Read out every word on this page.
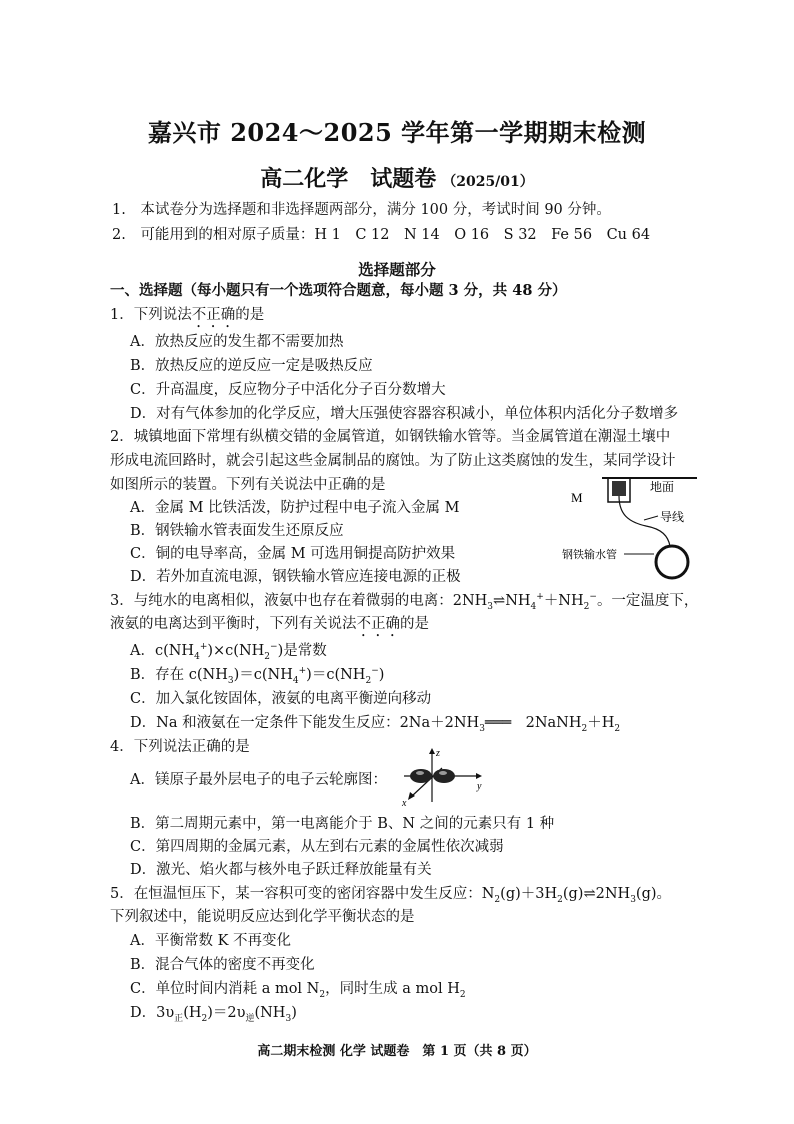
嘉兴市 2024～2025 学年第一学期期末检测
高二化学　试题卷 （2025/01）
1.　本试卷分为选择题和非选择题两部分，满分 100 分，考试时间 90 分钟。
2.　可能用到的相对原子质量：H 1　C 12　N 14　O 16　S 32　Fe 56　Cu 64
选择题部分
一、选择题（每小题只有一个选项符合题意，每小题 3 分，共 48 分）
1．下列说法不正确的是
A．放热反应的发生都不需要加热
B．放热反应的逆反应一定是吸热反应
C．升高温度，反应物分子中活化分子百分数增大
D．对有气体参加的化学反应，增大压强使容器容积减小，单位体积内活化分子数增多
2．城镇地面下常埋有纵横交错的金属管道，如钢铁输水管等。当金属管道在潮湿土壤中
形成电流回路时，就会引起这些金属制品的腐蚀。为了防止这类腐蚀的发生，某同学设计
如图所示的装置。下列有关说法中正确的是
A．金属 M 比铁活泼，防护过程中电子流入金属 M
B．钢铁输水管表面发生还原反应
C．铜的电导率高，金属 M 可选用铜提高防护效果
D．若外加直流电源，钢铁输水管应连接电源的正极
M
地面
导线
钢铁输水管
3．与纯水的电离相似，液氨中也存在着微弱的电离：$2NH_3\rightleftharpoons NH_4^++NH_2^-$。一定温度下，
液氨的电离达到平衡时，下列有关说法不正确的是
A．$c(NH_4^+)\times c(NH_2^-)$是常数
B．存在 $c(NH_3)=c(NH_4^+)=c(NH_2^-)$
C．加入氯化铵固体，液氨的电离平衡逆向移动
D．Na 和液氨在一定条件下能发生反应：$2Na+2NH_3═══$　$2NaNH_2+H_2$
4．下列说法正确的是
A．镁原子最外层电子的电子云轮廓图：
z
y
x
B．第二周期元素中，第一电离能介于 B、N 之间的元素只有 1 种
C．第四周期的金属元素，从左到右元素的金属性依次减弱
D．激光、焰火都与核外电子跃迁释放能量有关
5．在恒温恒压下，某一容积可变的密闭容器中发生反应：$N_2(g)+3H_2(g)\rightleftharpoons 2NH_3(g)$。
下列叙述中，能说明反应达到化学平衡状态的是
A．平衡常数 K 不再变化
B．混合气体的密度不再变化
C．单位时间内消耗 a mol $N_2$，同时生成 a mol $H_2$
D．$3\upsilon_正(H_2)=2\upsilon_逆(NH_3)$
高二期末检测 化学 试题卷　第 1 页（共 8 页）
